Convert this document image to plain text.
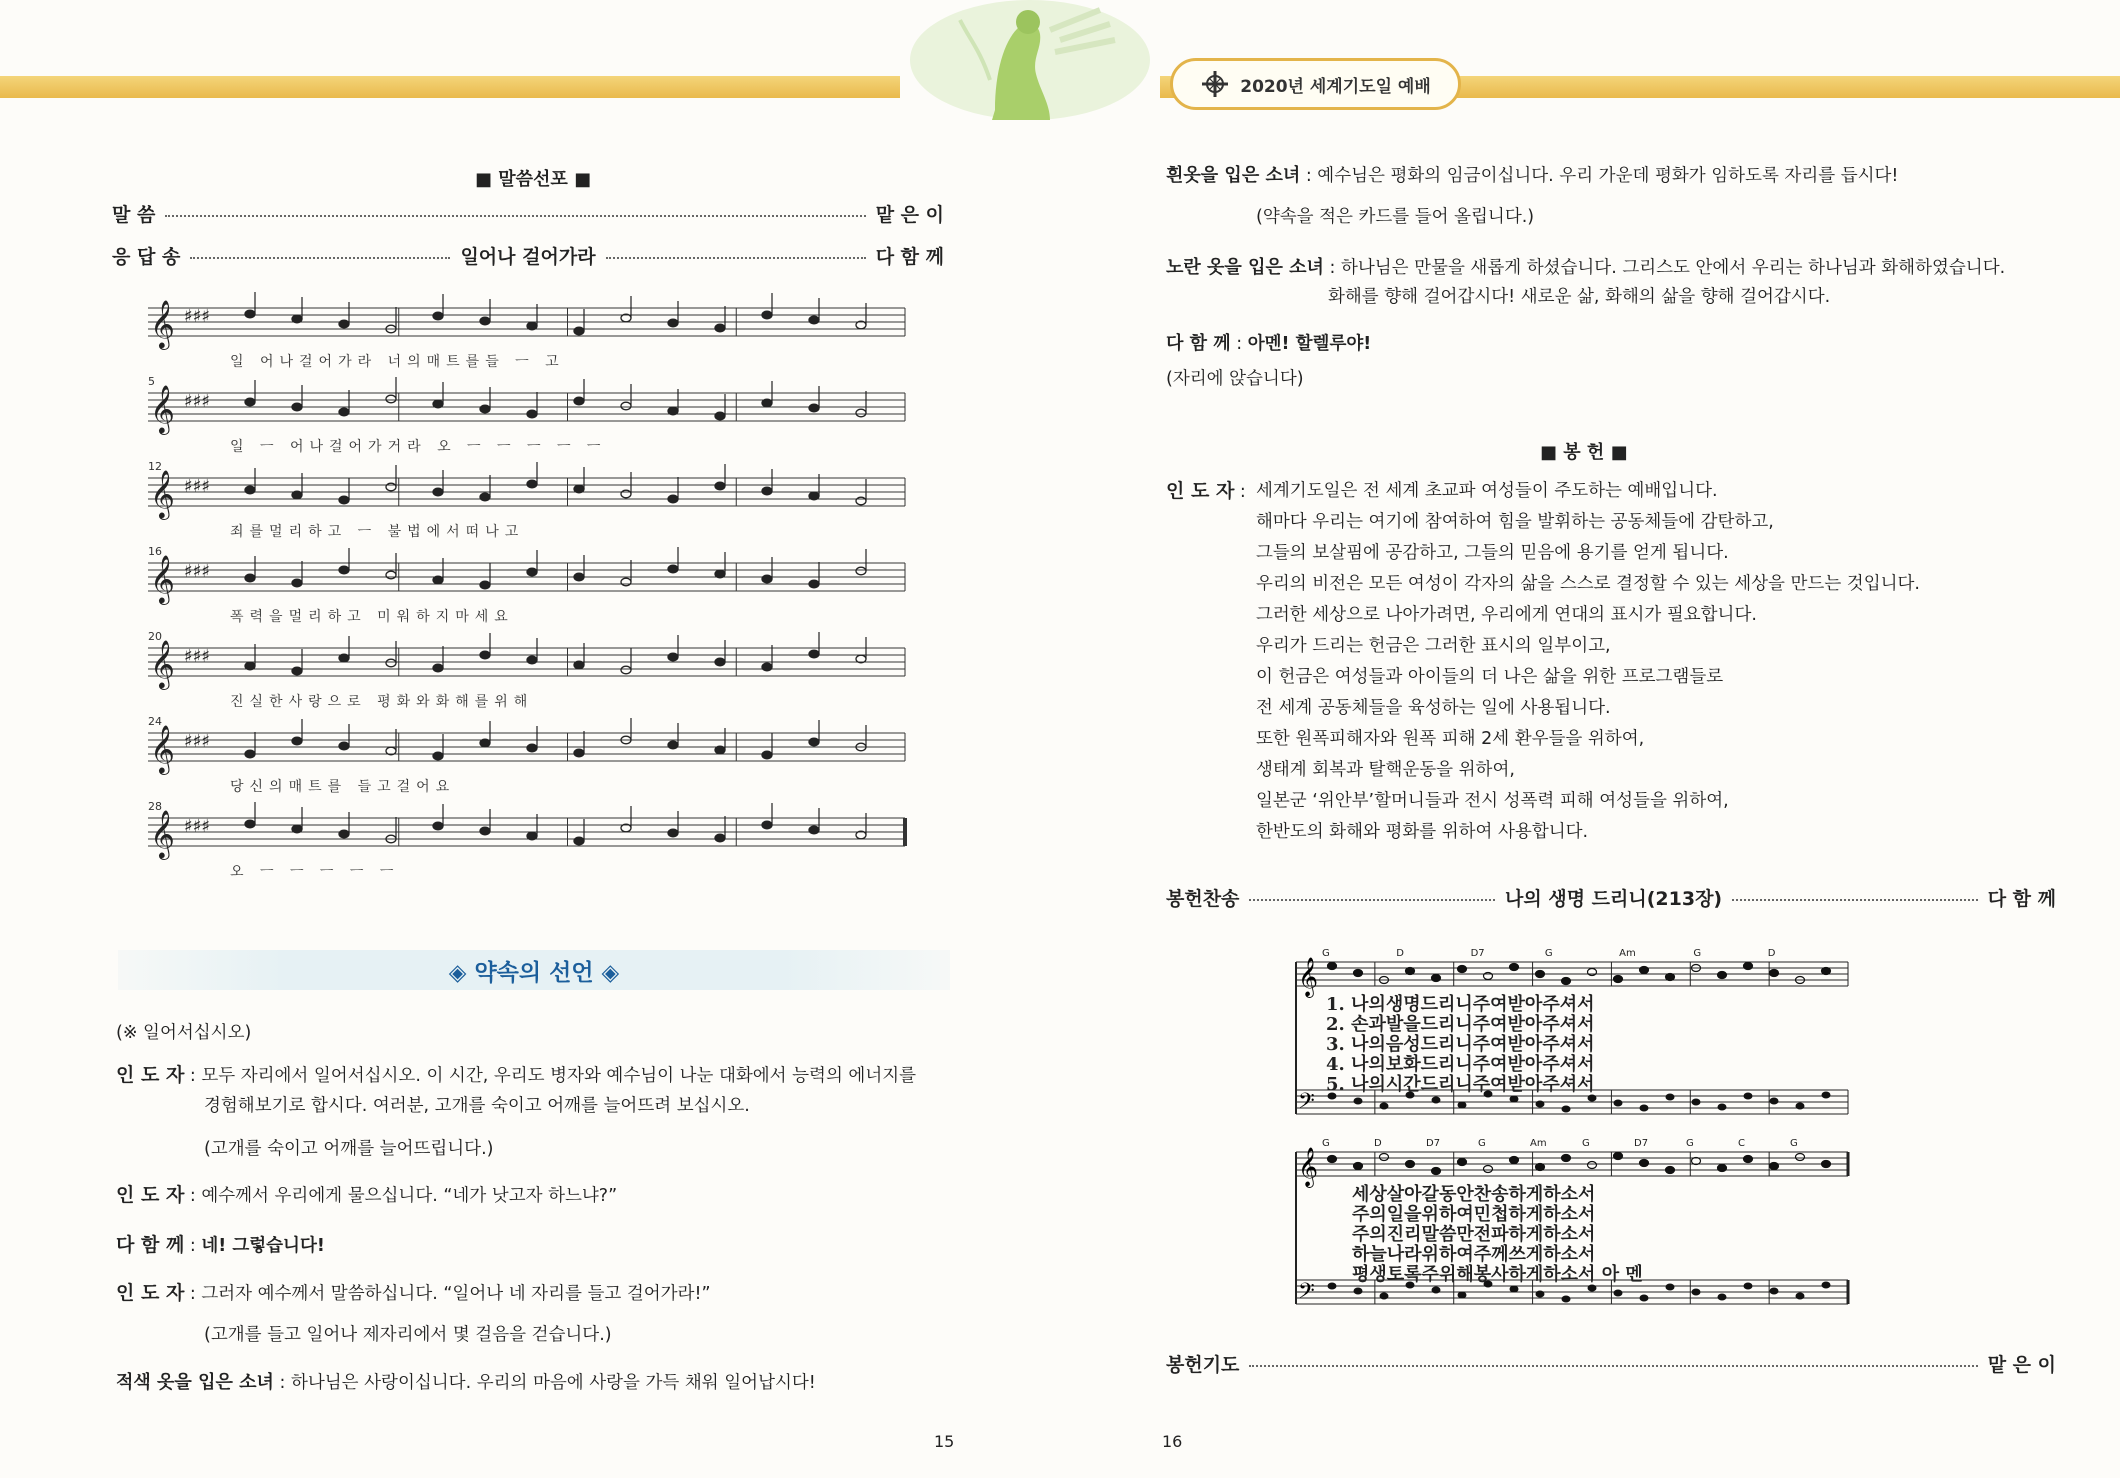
2020년 세계기도일 예배
■ 말씀선포 ■
말 씀	맡 은 이
응 답 송	일어나 걸어가라	다 함 께
𝄞 ♯♯♯
일 어나걸어가라 너의매트를들 ㅡ 고
𝄞 ♯♯♯
5
일 ㅡ 어나걸어가거라 오 ㅡ ㅡ ㅡ ㅡ ㅡ
𝄞 ♯♯♯
12
죄를멀리하고 ㅡ 불법에서떠나고
𝄞 ♯♯♯
16
폭력을멀리하고 미워하지마세요
𝄞 ♯♯♯
20
진실한사랑으로 평화와화해를위해
𝄞 ♯♯♯
24
당신의매트를 들고걸어요
𝄞 ♯♯♯
28
오 ㅡ ㅡ ㅡ ㅡ ㅡ
◈ 약속의 선언 ◈
(※ 일어서십시오)
인 도 자 : 모두 자리에서 일어서십시오. 이 시간, 우리도 병자와 예수님이 나눈 대화에서 능력의 에너지를
경험해보기로 합시다. 여러분, 고개를 숙이고 어깨를 늘어뜨려 보십시오.
(고개를 숙이고 어깨를 늘어뜨립니다.)
인 도 자 : 예수께서 우리에게 물으십니다. “네가 낫고자 하느냐?”
다 함 께 : 네! 그렇습니다!
인 도 자 : 그러자 예수께서 말씀하십니다. “일어나 네 자리를 들고 걸어가라!”
(고개를 들고 일어나 제자리에서 몇 걸음을 걷습니다.)
적색 옷을 입은 소녀 : 하나님은 사랑이십니다. 우리의 마음에 사랑을 가득 채워 일어납시다!
15
흰옷을 입은 소녀 : 예수님은 평화의 임금이십니다. 우리 가운데 평화가 임하도록 자리를 듭시다!
(약속을 적은 카드를 들어 올립니다.)
노란 옷을 입은 소녀 : 하나님은 만물을 새롭게 하셨습니다. 그리스도 안에서 우리는 하나님과 화해하였습니다.
화해를 향해 걸어갑시다! 새로운 삶, 화해의 삶을 향해 걸어갑시다.
다 함 께 : 아멘! 할렐루야!
(자리에 앉습니다)
■ 봉 헌 ■
인 도 자 : 세계기도일은 전 세계 초교파 여성들이 주도하는 예배입니다.
해마다 우리는 여기에 참여하여 힘을 발휘하는 공동체들에 감탄하고,
그들의 보살핌에 공감하고, 그들의 믿음에 용기를 얻게 됩니다.
우리의 비전은 모든 여성이 각자의 삶을 스스로 결정할 수 있는 세상을 만드는 것입니다.
그러한 세상으로 나아가려면, 우리에게 연대의 표시가 필요합니다.
우리가 드리는 헌금은 그러한 표시의 일부이고,
이 헌금은 여성들과 아이들의 더 나은 삶을 위한 프로그램들로
전 세계 공동체들을 육성하는 일에 사용됩니다.
또한 원폭피해자와 원폭 피해 2세 환우들을 위하여,
생태계 회복과 탈핵운동을 위하여,
일본군 ‘위안부’할머니들과 전시 성폭력 피해 여성들을 위하여,
한반도의 화해와 평화를 위하여 사용합니다.
봉헌찬송	나의 생명 드리니(213장)	다 함 께
𝄞
𝄢
G	D	D7	G	Am	G	D
𝄞
𝄢
G	D	D7	G	Am	G	D7	G	C	G
1. 나의생명드리니주여받아주셔서
2. 손과발을드리니주여받아주셔서
3. 나의음성드리니주여받아주셔서
4. 나의보화드리니주여받아주셔서
5. 나의시간드리니주여받아주셔서
세상살아갈동안찬송하게하소서
주의일을위하여민첩하게하소서
주의진리말씀만전파하게하소서
하늘나라위하여주께쓰게하소서
평생토록주위해봉사하게하소서 아 멘
봉헌기도	맡 은 이
16
